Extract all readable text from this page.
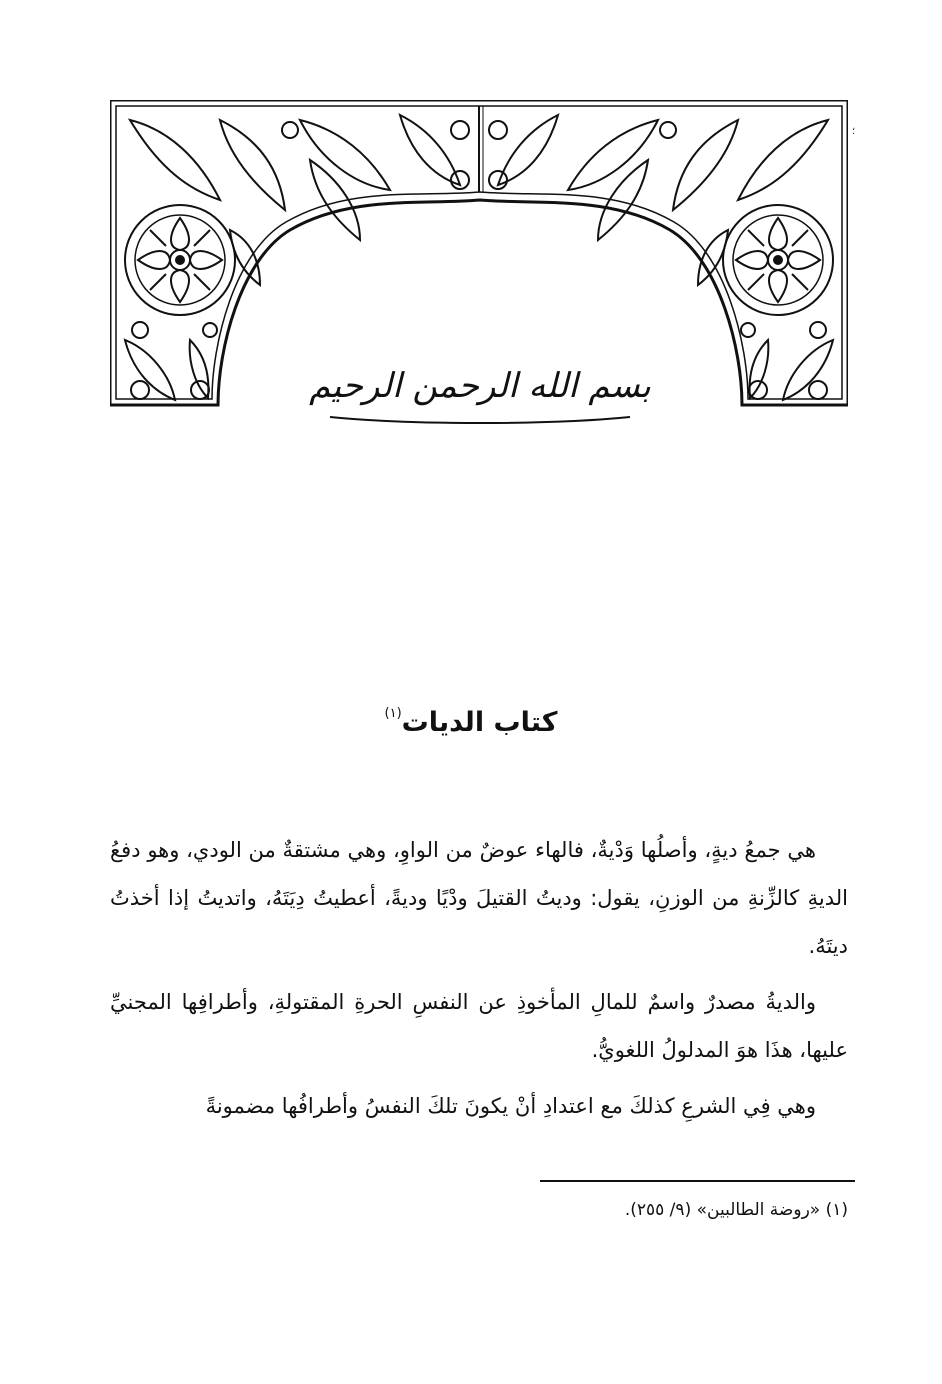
؛
بسم الله الرحمن الرحيم
كتاب الديات$^{(١)}$

هي جمعُ ديةٍ، وأصلُها وَدْيةٌ، فالهاء عوضٌ من الواوِ، وهي مشتقةٌ من الودي، وهو دفعُ الديةِ كالزِّنةِ من الوزنِ، يقول: وديتُ القتيلَ ودْيًا وديةً، أعطيتُ دِيَتَهُ، واتديتُ إذا أخذتُ ديتَهُ.

والديةُ مصدرٌ واسمٌ للمالِ المأخوذِ عن النفسِ الحرةِ المقتولةِ، وأطرافِها المجنيِّ عليها، هذَا هوَ المدلولُ اللغويُّ.

وهي فِي الشرعِ كذلكَ مع اعتدادِ أنْ يكونَ تلكَ النفسُ وأطرافُها مضمونةً

(١) «روضة الطالبين» (٩/ ٢٥٥).
